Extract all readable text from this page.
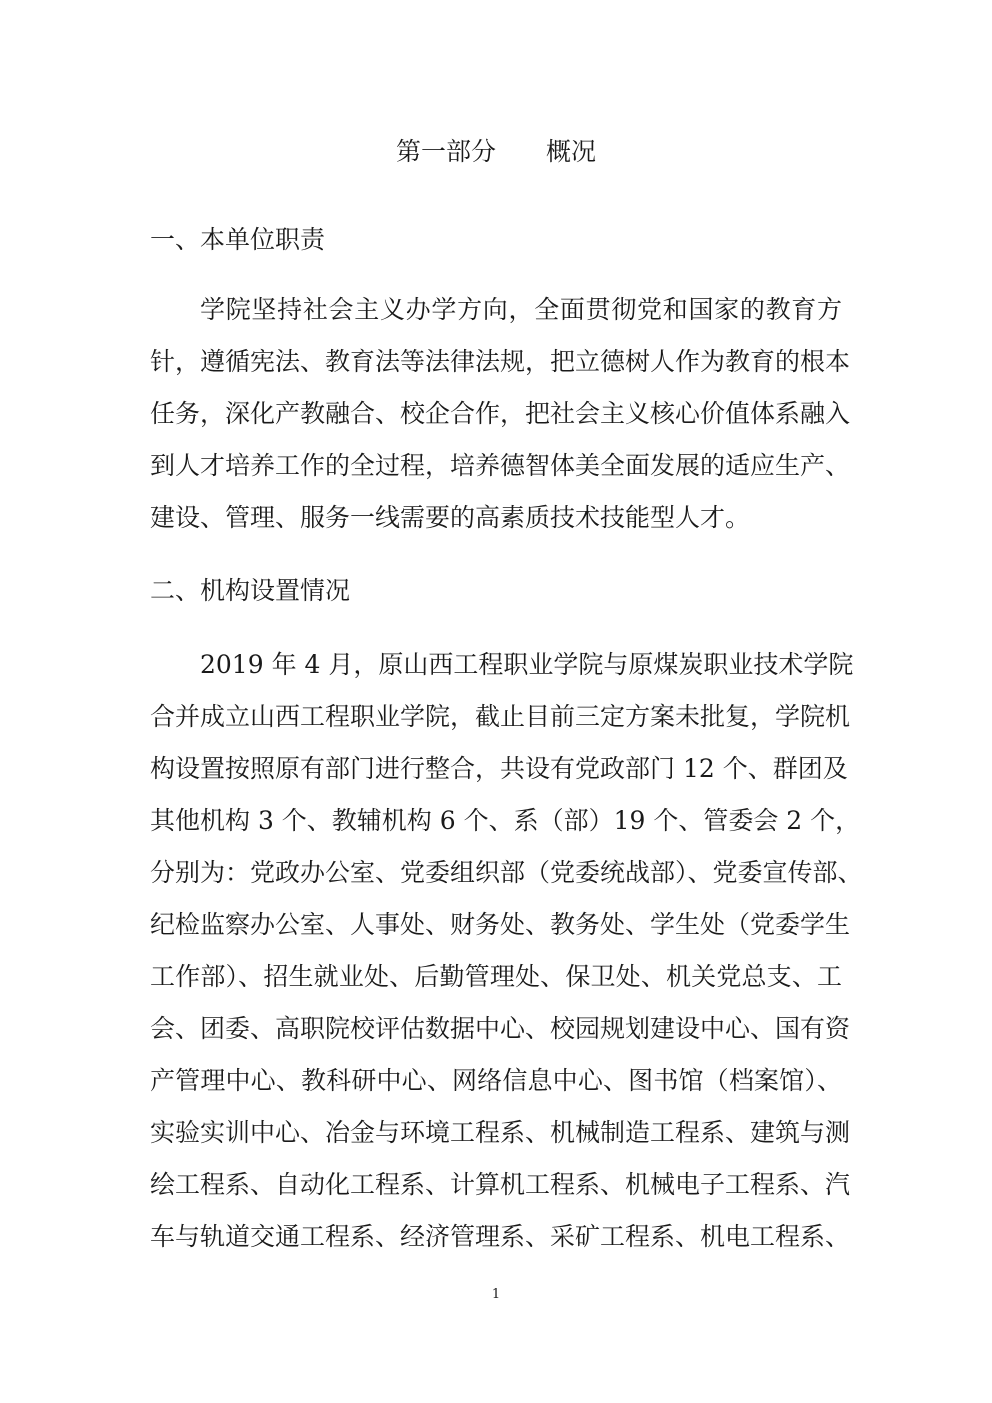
第一部分　　概况
一、本单位职责
学院坚持社会主义办学方向，全面贯彻党和国家的教育方
针，遵循宪法、教育法等法律法规，把立德树人作为教育的根本
任务，深化产教融合、校企合作，把社会主义核心价值体系融入
到人才培养工作的全过程，培养德智体美全面发展的适应生产、
建设、管理、服务一线需要的高素质技术技能型人才。
二、机构设置情况
2019 年 4 月，原山西工程职业学院与原煤炭职业技术学院
合并成立山西工程职业学院，截止目前三定方案未批复，学院机
构设置按照原有部门进行整合，共设有党政部门 12 个、群团及
其他机构 3 个、教辅机构 6 个、系（部）19 个、管委会 2 个，
分别为：党政办公室、党委组织部（党委统战部）、党委宣传部、
纪检监察办公室、人事处、财务处、教务处、学生处（党委学生
工作部）、招生就业处、后勤管理处、保卫处、机关党总支、工
会、团委、高职院校评估数据中心、校园规划建设中心、国有资
产管理中心、教科研中心、网络信息中心、图书馆（档案馆）、
实验实训中心、冶金与环境工程系、机械制造工程系、建筑与测
绘工程系、自动化工程系、计算机工程系、机械电子工程系、汽
车与轨道交通工程系、经济管理系、采矿工程系、机电工程系、
1
